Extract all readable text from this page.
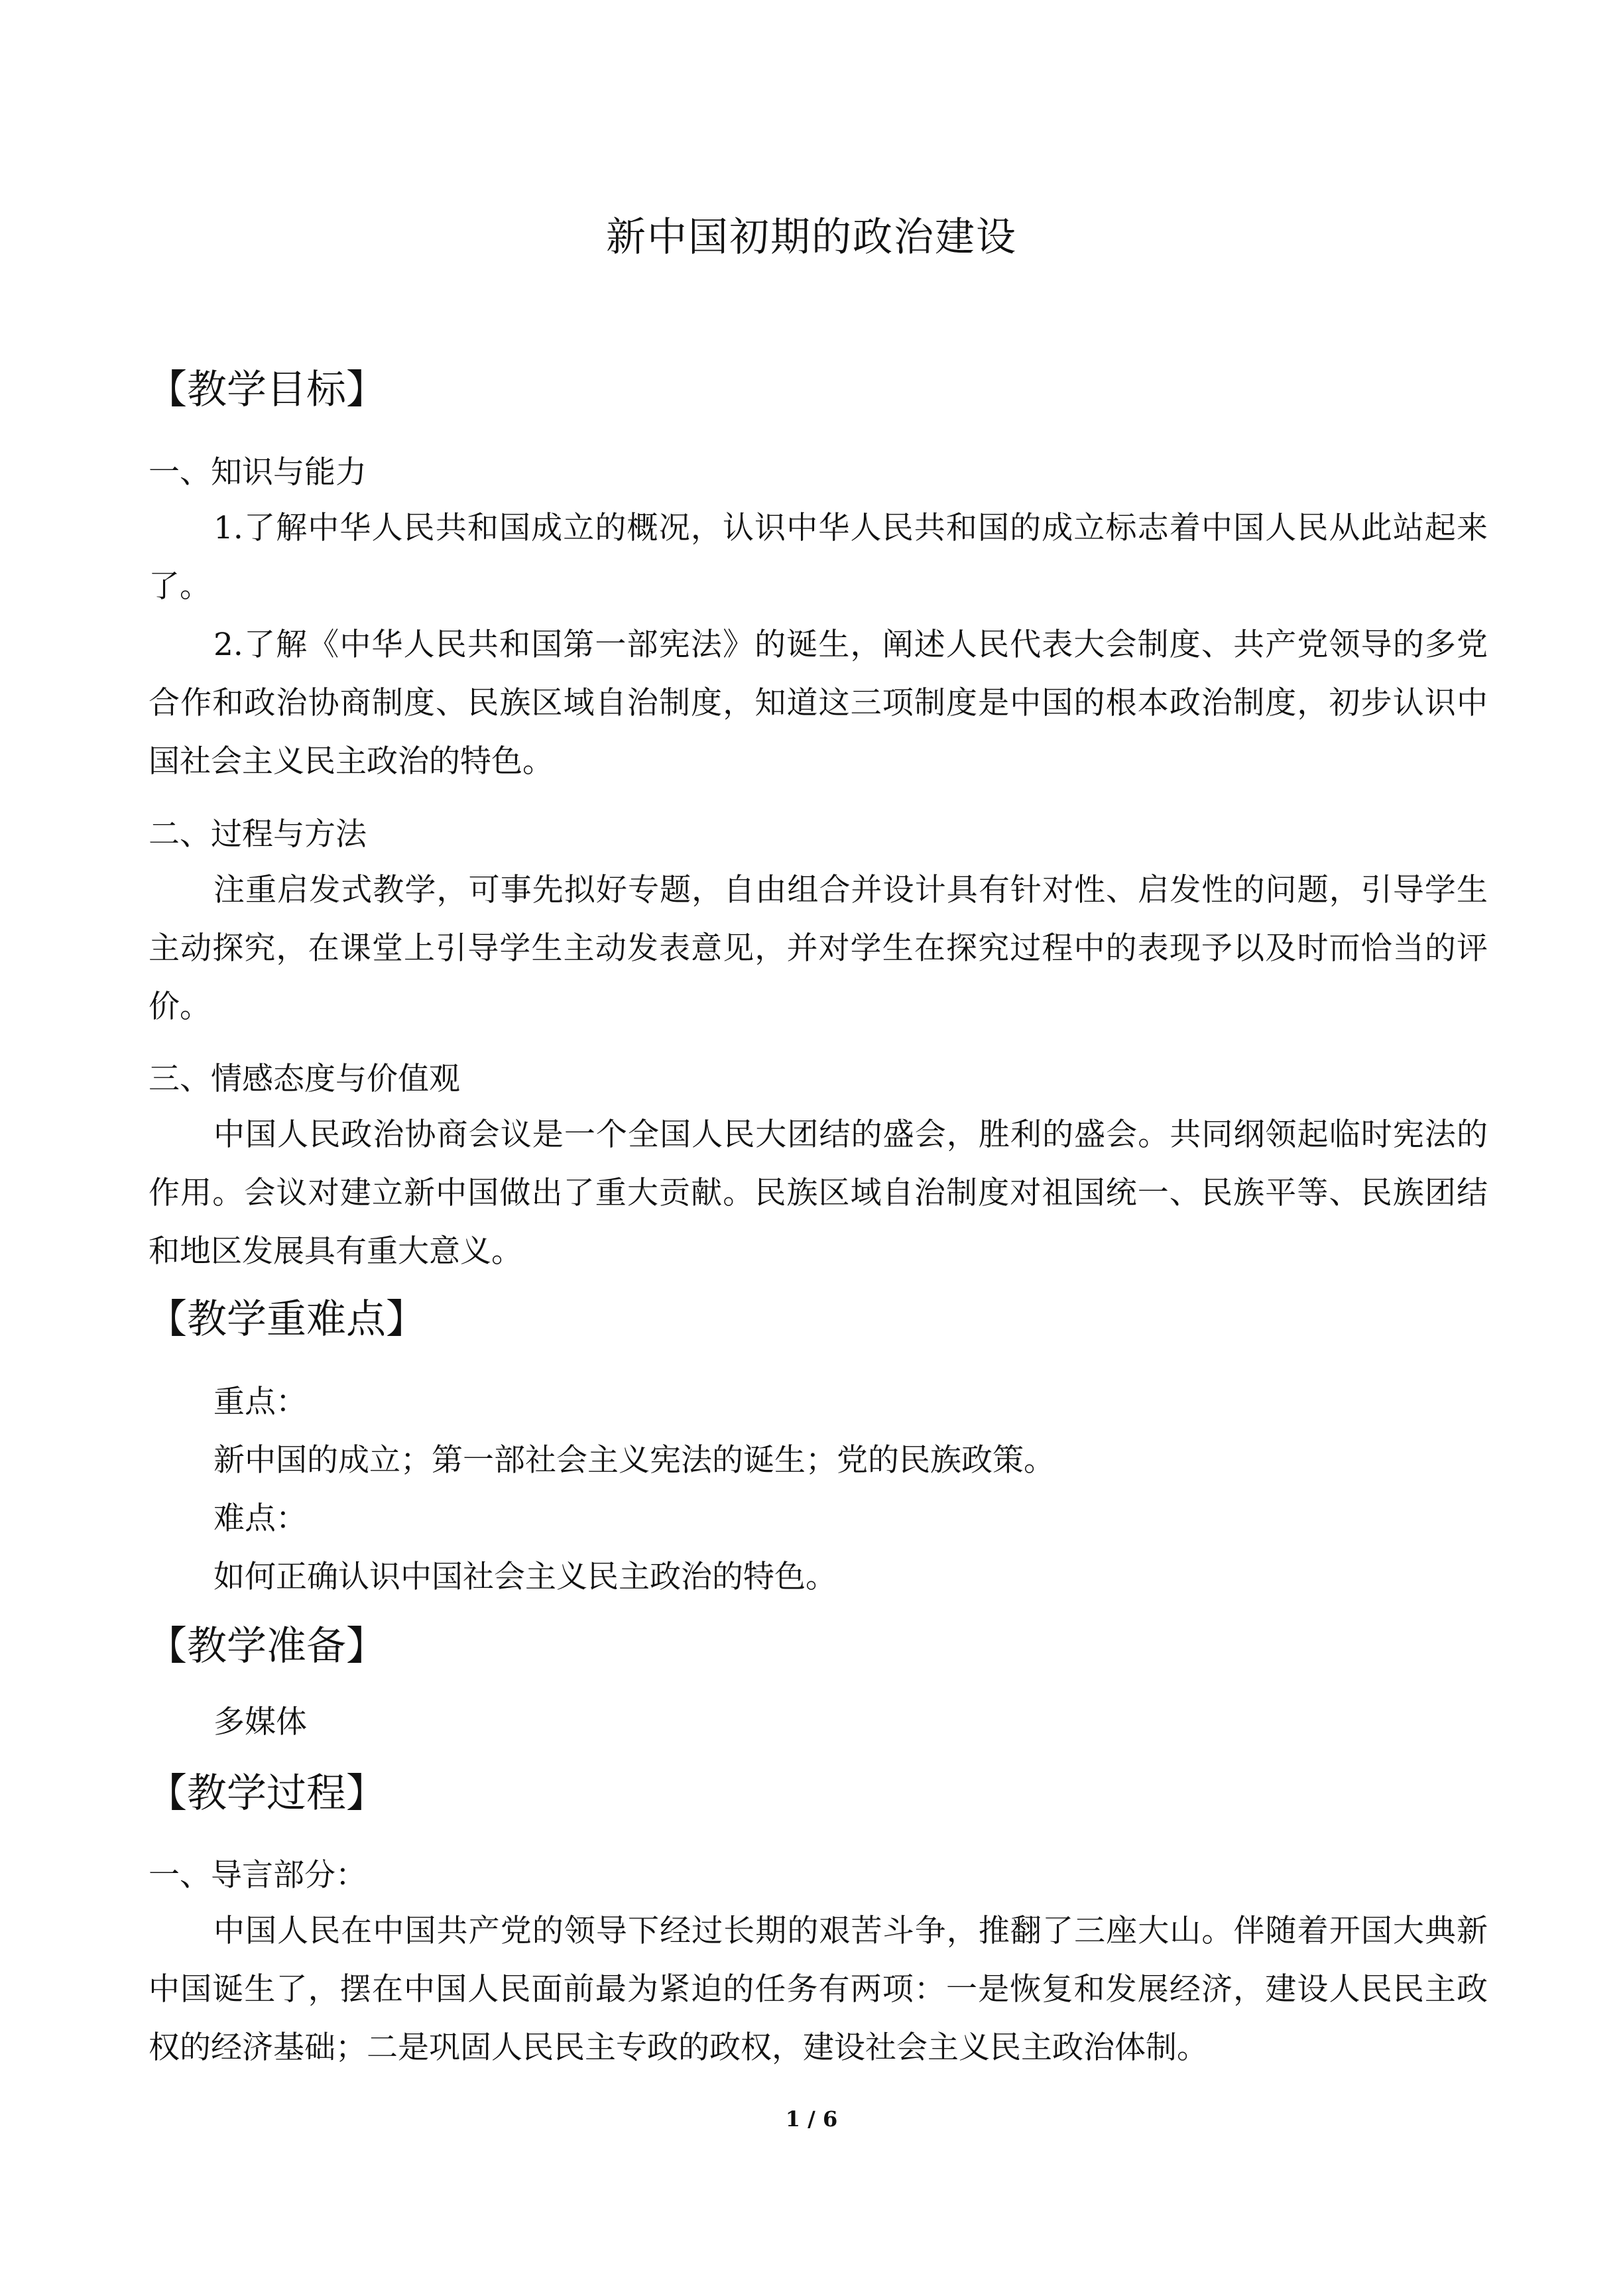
新中国初期的政治建设
【教学目标】
一、知识与能力
1.了解中华人民共和国成立的概况，认识中华人民共和国的成立标志着中国人民从此站起来了。
2.了解《中华人民共和国第一部宪法》的诞生，阐述人民代表大会制度、共产党领导的多党合作和政治协商制度、民族区域自治制度，知道这三项制度是中国的根本政治制度，初步认识中国社会主义民主政治的特色。
二、过程与方法
注重启发式教学，可事先拟好专题，自由组合并设计具有针对性、启发性的问题，引导学生主动探究，在课堂上引导学生主动发表意见，并对学生在探究过程中的表现予以及时而恰当的评价。
三、情感态度与价值观
中国人民政治协商会议是一个全国人民大团结的盛会，胜利的盛会。共同纲领起临时宪法的作用。会议对建立新中国做出了重大贡献。民族区域自治制度对祖国统一、民族平等、民族团结和地区发展具有重大意义。
【教学重难点】
重点：
新中国的成立；第一部社会主义宪法的诞生；党的民族政策。
难点：
如何正确认识中国社会主义民主政治的特色。
【教学准备】
多媒体
【教学过程】
一、导言部分：
中国人民在中国共产党的领导下经过长期的艰苦斗争，推翻了三座大山。伴随着开国大典新中国诞生了，摆在中国人民面前最为紧迫的任务有两项：一是恢复和发展经济，建设人民民主政权的经济基础；二是巩固人民民主专政的政权，建设社会主义民主政治体制。
1 / 6
